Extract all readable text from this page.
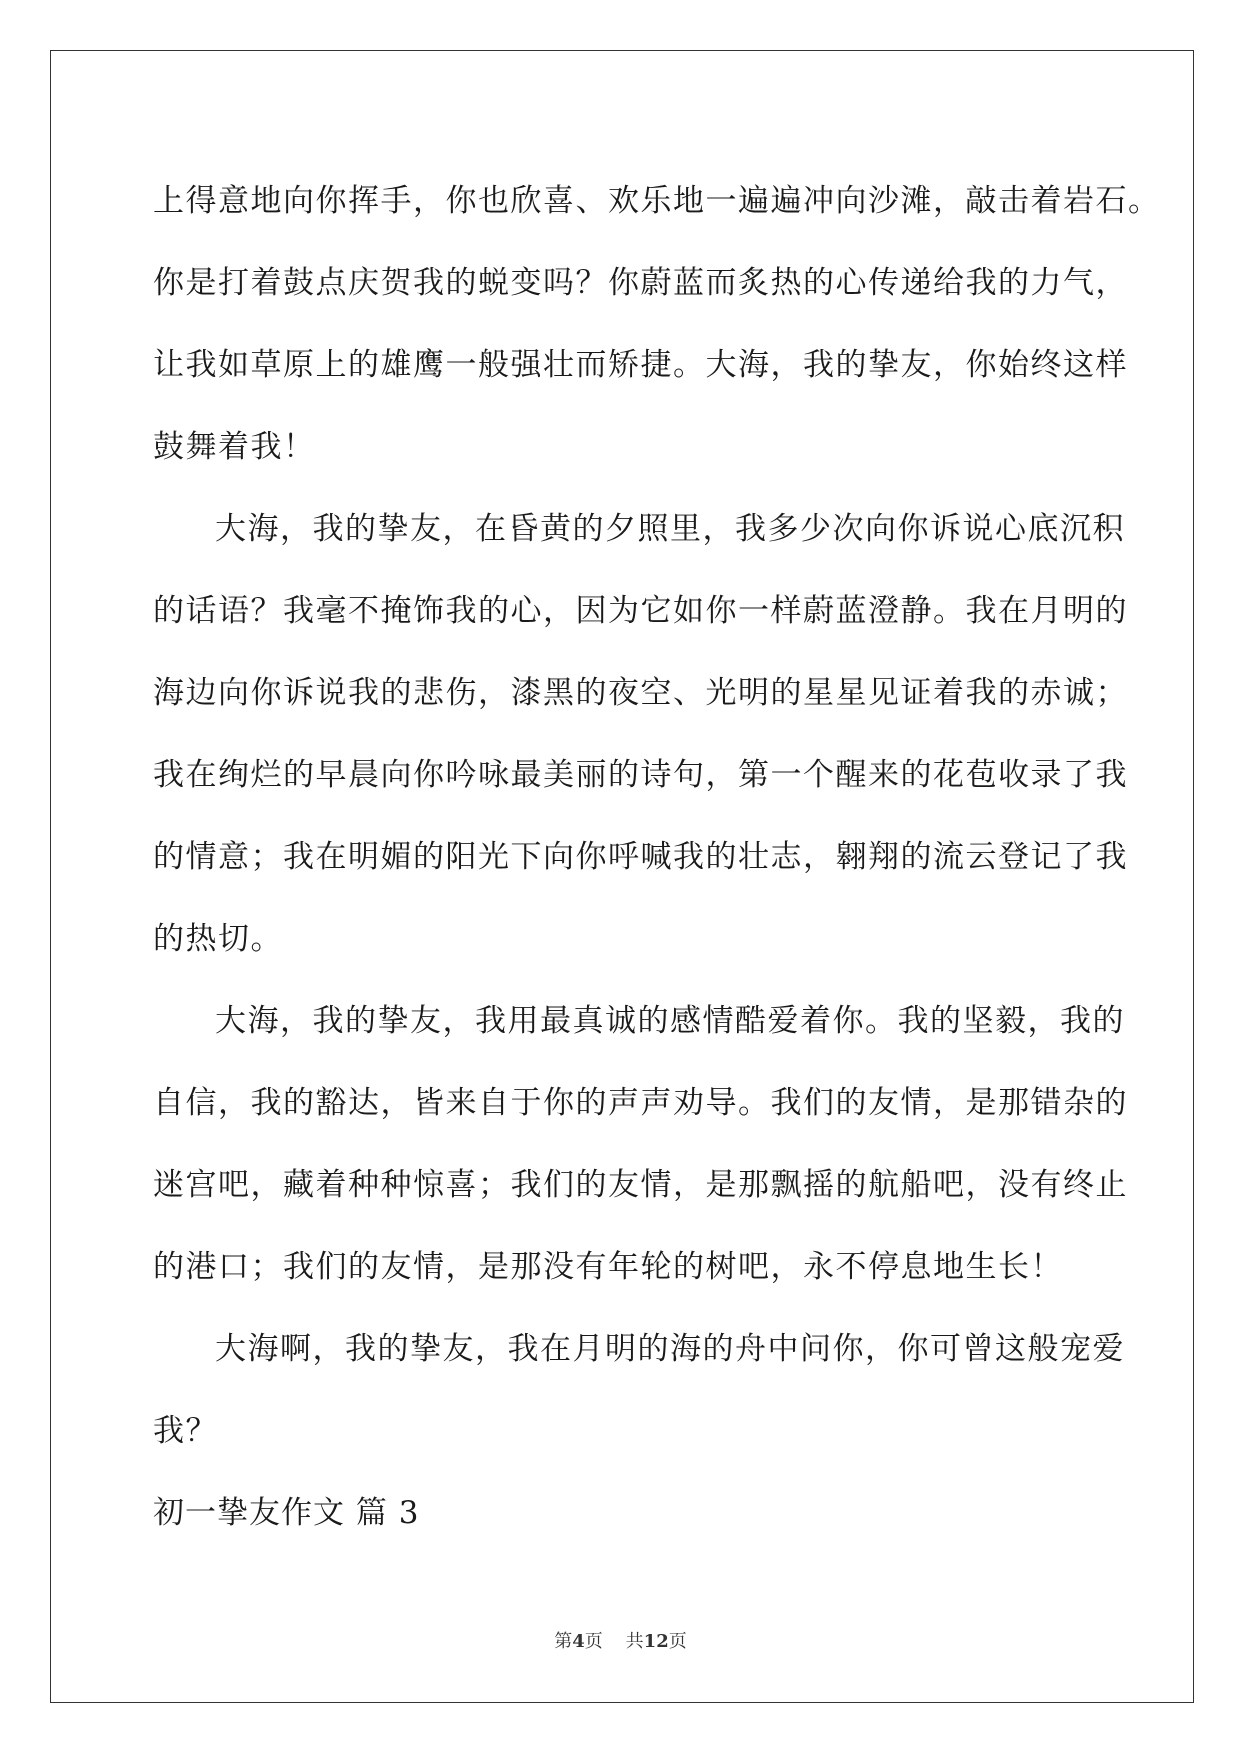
上得意地向你挥手，你也欣喜、欢乐地一遍遍冲向沙滩，敲击着岩石。
你是打着鼓点庆贺我的蜕变吗？你蔚蓝而炙热的心传递给我的力气，
让我如草原上的雄鹰一般强壮而矫捷。大海，我的挚友，你始终这样
鼓舞着我！
大海，我的挚友，在昏黄的夕照里，我多少次向你诉说心底沉积
的话语？我毫不掩饰我的心，因为它如你一样蔚蓝澄静。我在月明的
海边向你诉说我的悲伤，漆黑的夜空、光明的星星见证着我的赤诚；
我在绚烂的早晨向你吟咏最美丽的诗句，第一个醒来的花苞收录了我
的情意；我在明媚的阳光下向你呼喊我的壮志，翱翔的流云登记了我
的热切。
大海，我的挚友，我用最真诚的感情酷爱着你。我的坚毅，我的
自信，我的豁达，皆来自于你的声声劝导。我们的友情，是那错杂的
迷宫吧，藏着种种惊喜；我们的友情，是那飘摇的航船吧，没有终止
的港口；我们的友情，是那没有年轮的树吧，永不停息地生长！
大海啊，我的挚友，我在月明的海的舟中问你，你可曾这般宠爱
我？
初一挚友作文 篇 3
第4页 共12页
